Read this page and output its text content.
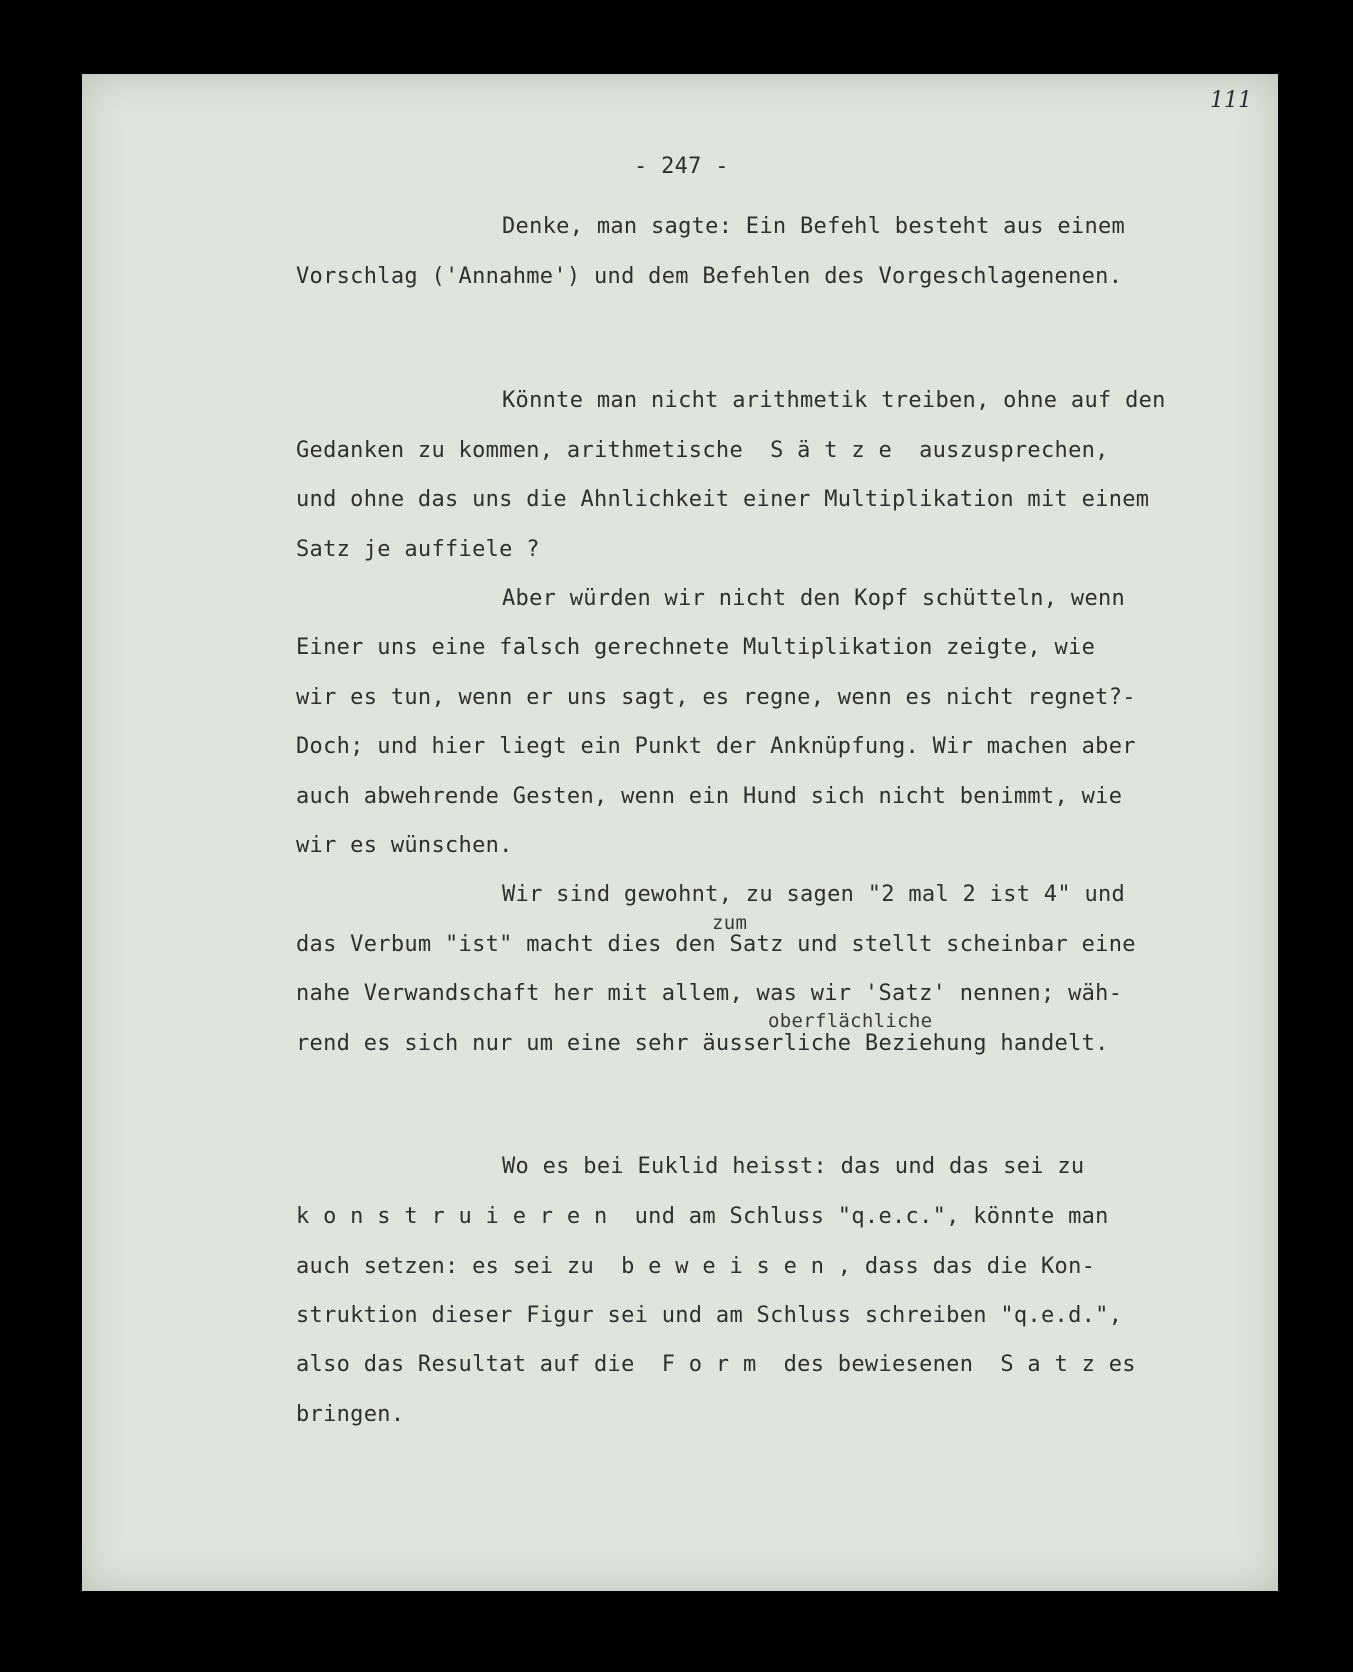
111
- 247 -
Denke, man sagte: Ein Befehl besteht aus einem
Vorschlag ('Annahme') und dem Befehlen des Vorgeschlagenenen.
Könnte man nicht arithmetik treiben, ohne auf den
Gedanken zu kommen, arithmetische  S ä t z e  auszusprechen,
und ohne das uns die Ahnlichkeit einer Multiplikation mit einem
Satz je auffiele ?
Aber würden wir nicht den Kopf schütteln, wenn
Einer uns eine falsch gerechnete Multiplikation zeigte, wie
wir es tun, wenn er uns sagt, es regne, wenn es nicht regnet?-
Doch; und hier liegt ein Punkt der Anknüpfung. Wir machen aber
auch abwehrende Gesten, wenn ein Hund sich nicht benimmt, wie
wir es wünschen.
Wir sind gewohnt, zu sagen "2 mal 2 ist 4" und
zum
das Verbum "ist" macht dies den Satz und stellt scheinbar eine
nahe Verwandschaft her mit allem, was wir 'Satz' nennen; wäh-
oberflächliche
rend es sich nur um eine sehr äusserliche Beziehung handelt.
Wo es bei Euklid heisst: das und das sei zu
k o n s t r u i e r e n  und am Schluss "q.e.c.", könnte man
auch setzen: es sei zu  b e w e i s e n , dass das die Kon-
struktion dieser Figur sei und am Schluss schreiben "q.e.d.",
also das Resultat auf die  F o r m  des bewiesenen  S a t z es
bringen.
